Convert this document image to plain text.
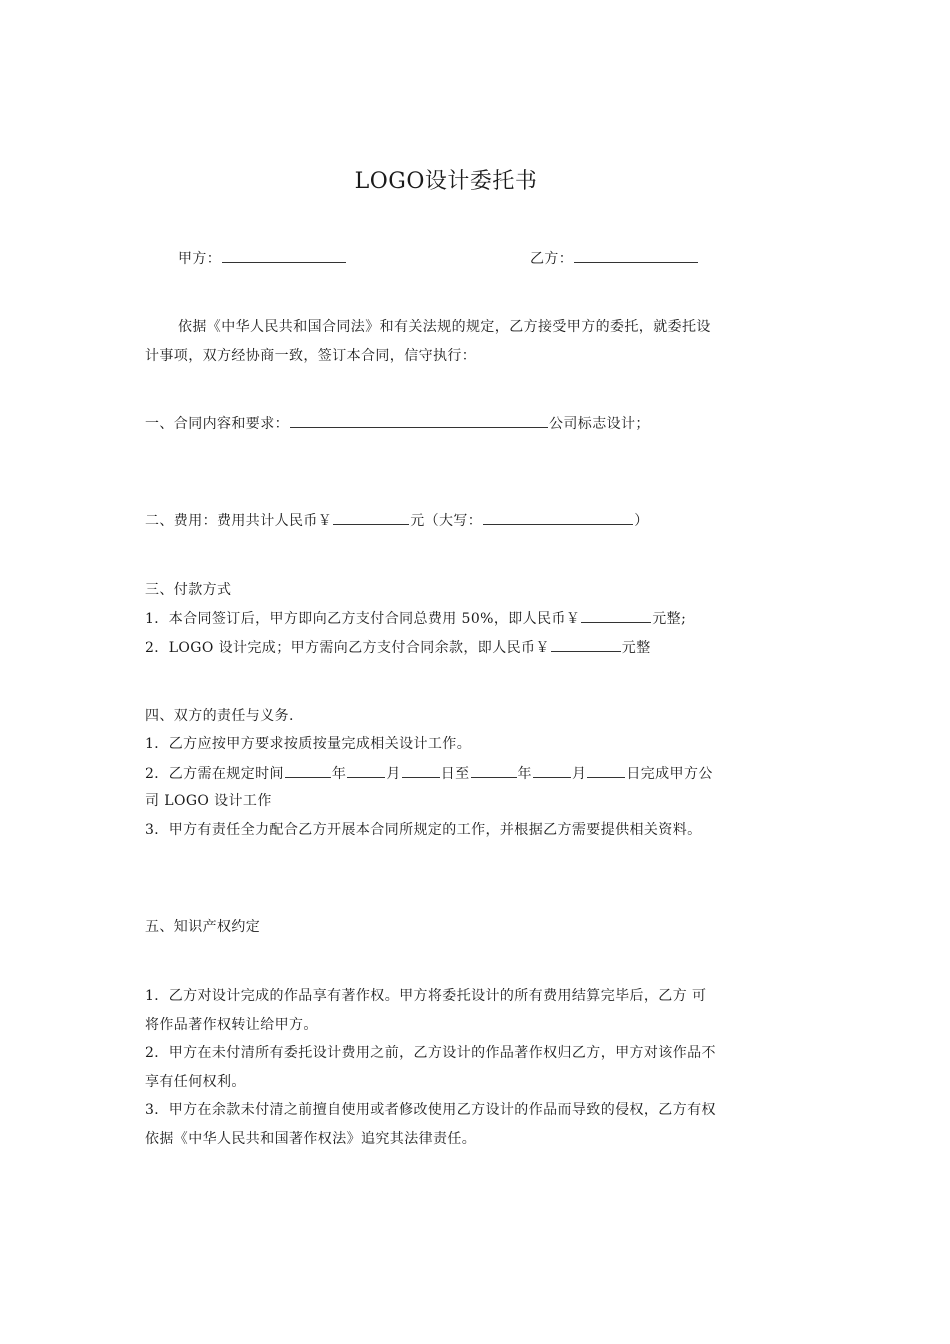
LOGO设计委托书
甲方：	乙方：
依据《中华人民共和国合同法》和有关法规的规定，乙方接受甲方的委托，就委托设
计事项，双方经协商一致，签订本合同，信守执行：
一、合同内容和要求：	公司标志设计；
二、费用：费用共计人民币￥	元（大写：	）
三、付款方式
1．本合同签订后，甲方即向乙方支付合同总费用 50%，即人民币￥	元整;
2．LOGO 设计完成；甲方需向乙方支付合同余款，即人民币￥	元整
四、双方的责任与义务.
1．乙方应按甲方要求按质按量完成相关设计工作。
2．乙方需在规定时间	年	月	日至	年	月	日完成甲方公
司 LOGO 设计工作
3．甲方有责任全力配合乙方开展本合同所规定的工作，并根据乙方需要提供相关资料。
五、知识产权约定
1．乙方对设计完成的作品享有著作权。甲方将委托设计的所有费用结算完毕后，乙方 可
将作品著作权转让给甲方。
2．甲方在未付清所有委托设计费用之前，乙方设计的作品著作权归乙方，甲方对该作品不
享有任何权利。
3．甲方在余款未付清之前擅自使用或者修改使用乙方设计的作品而导致的侵权，乙方有权
依据《中华人民共和国著作权法》追究其法律责任。
